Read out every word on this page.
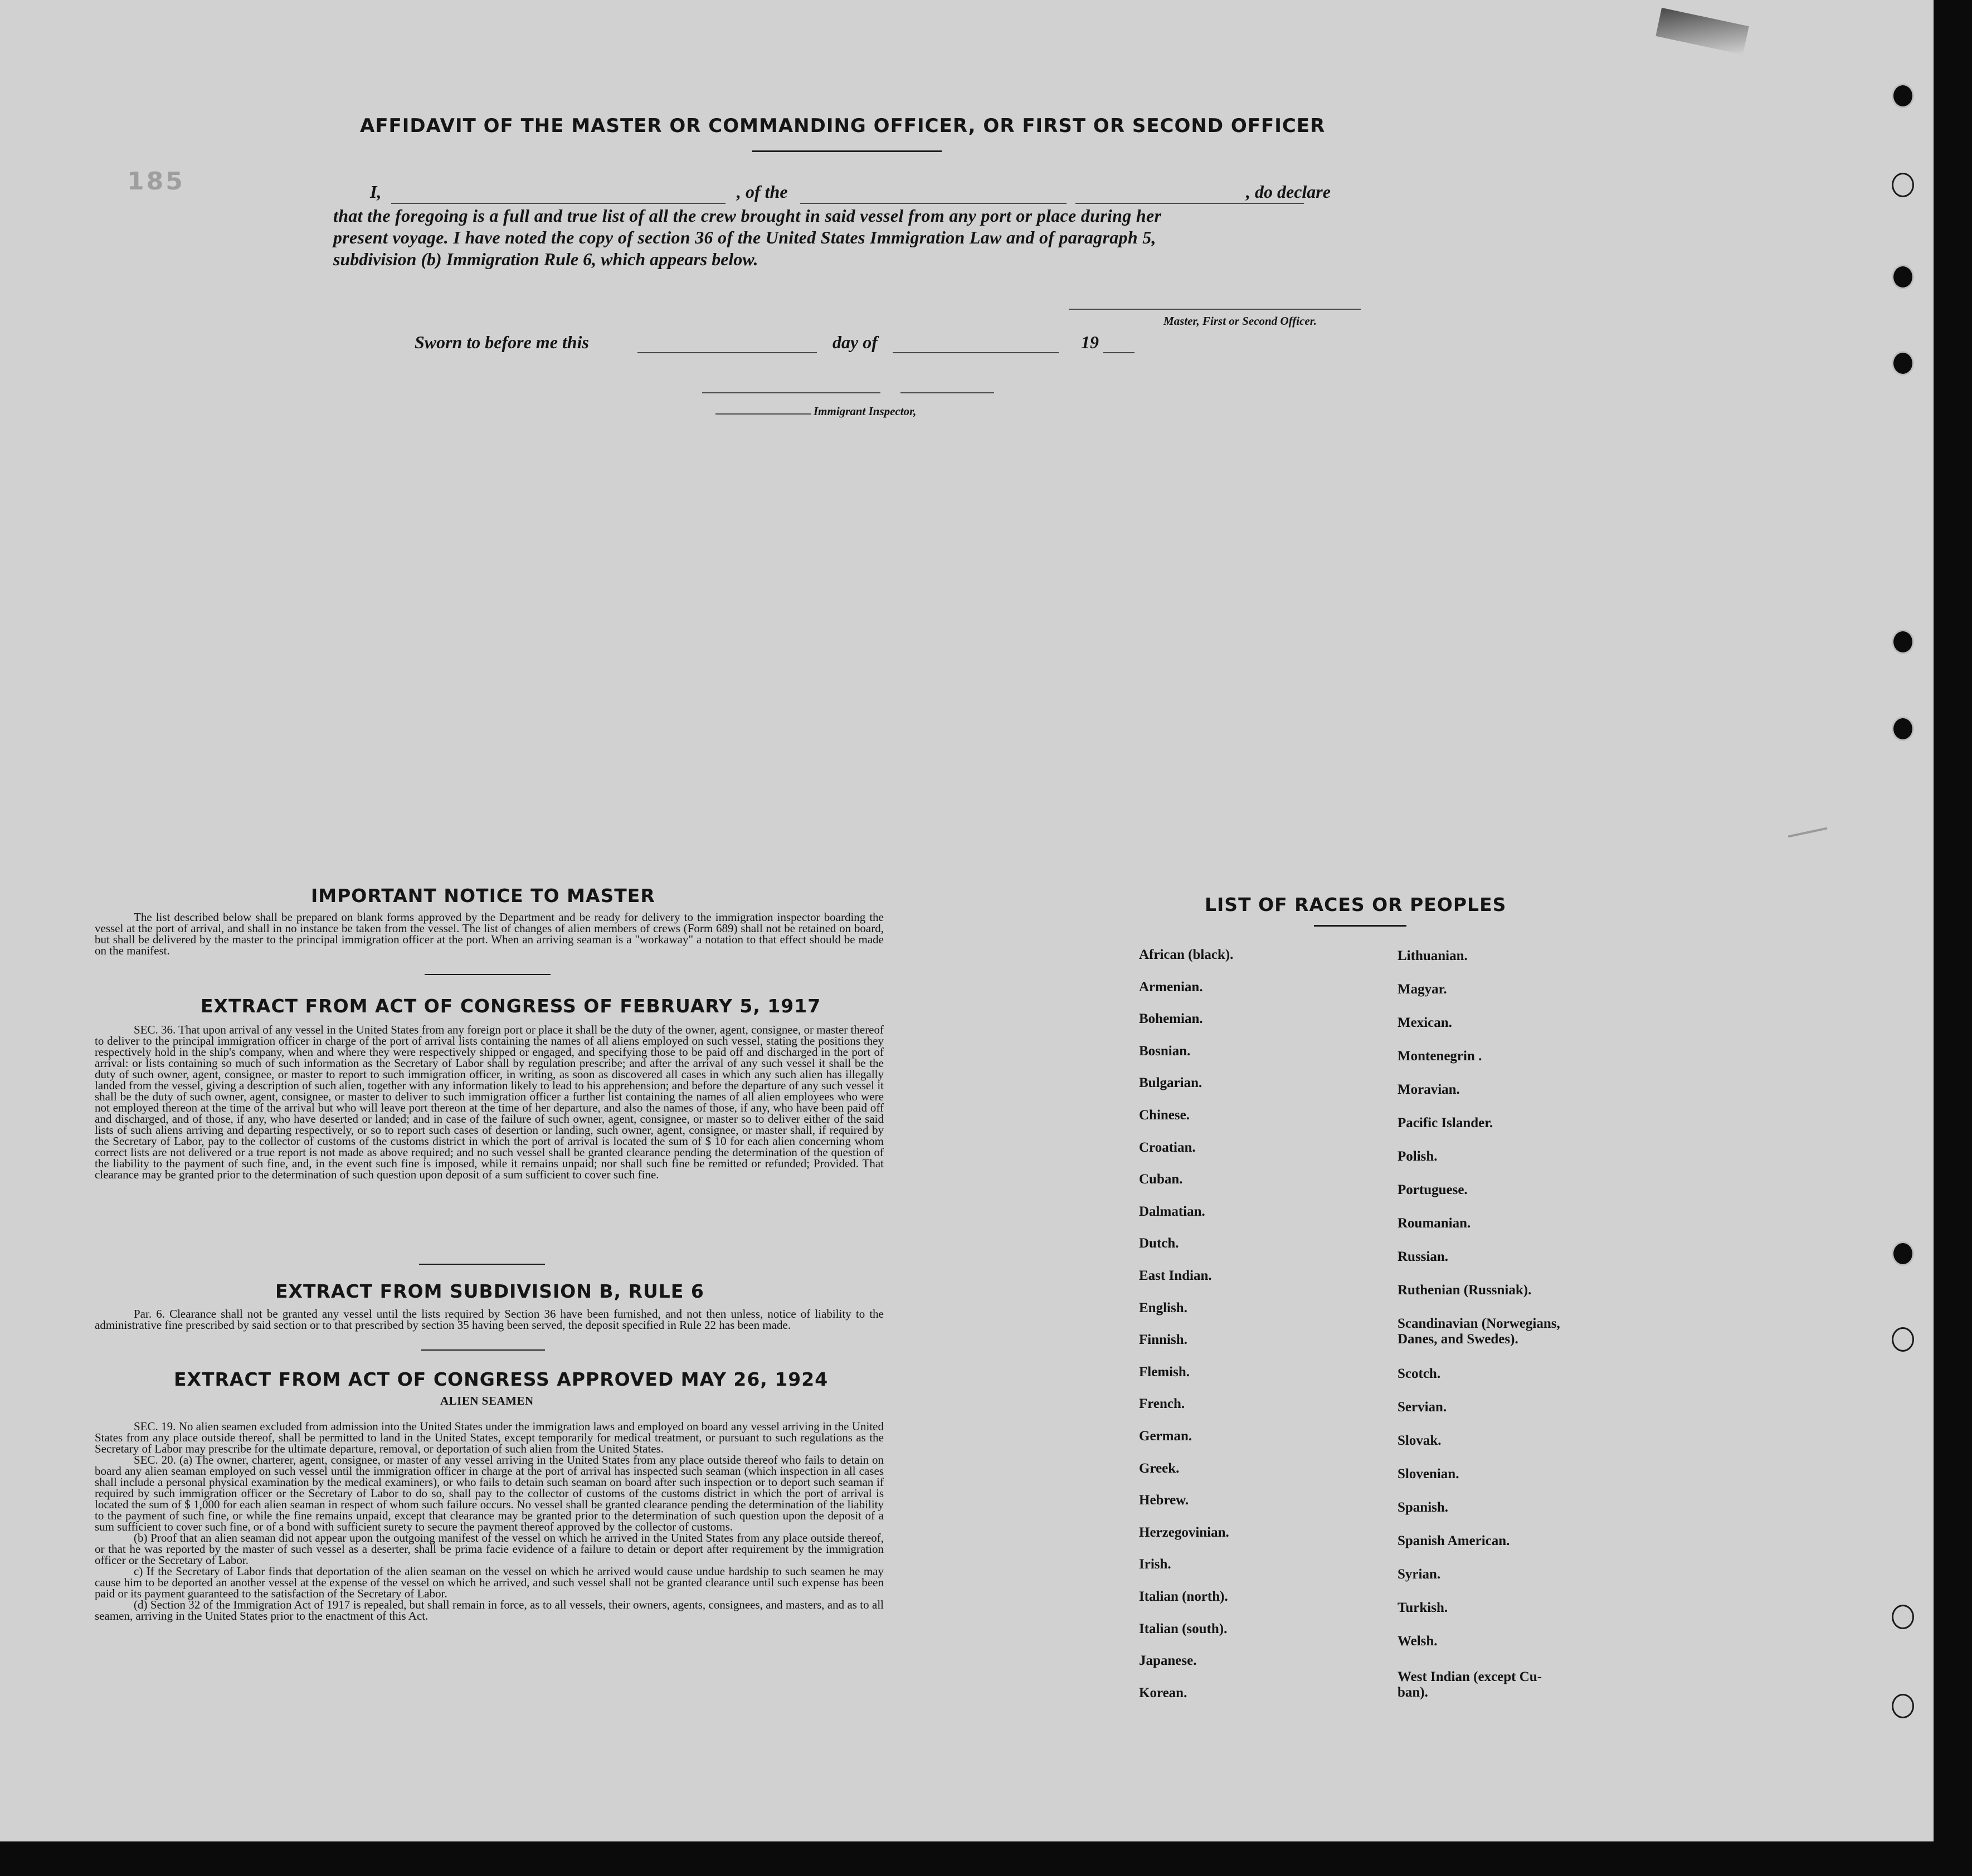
185
AFFIDAVIT OF THE MASTER OR COMMANDING OFFICER, OR FIRST OR SECOND OFFICER
I,	, of the	, do declare

that the foregoing is a full and true list of all the crew brought in said vessel from any port or place during her

present voyage. I have noted the copy of section 36 of the United States Immigration Law and of paragraph 5,

subdivision (b) Immigration Rule 6, which appears below.

Master, First or Second Officer.
Sworn to before me this	day of	19
Immigrant Inspector,
IMPORTANT NOTICE TO MASTER

The list described below shall be prepared on blank forms approved by the Department and be ready for delivery to the immigration inspector boarding the vessel at the port of arrival, and shall in no instance be taken from the vessel. The list of changes of alien members of crews (Form 689) shall not be retained on board, but shall be delivered by the master to the principal immigration officer at the port. When an arriving seaman is a "workaway" a notation to that effect should be made on the manifest.

EXTRACT FROM ACT OF CONGRESS OF FEBRUARY 5, 1917

SEC. 36. That upon arrival of any vessel in the United States from any foreign port or place it shall be the duty of the owner, agent, consignee, or master thereof to deliver to the principal immigration officer in charge of the port of arrival lists containing the names of all aliens employed on such vessel, stating the positions they respectively hold in the ship's company, when and where they were respectively shipped or engaged, and specifying those to be paid off and discharged in the port of arrival: or lists containing so much of such information as the Secretary of Labor shall by regulation prescribe; and after the arrival of any such vessel it shall be the duty of such owner, agent, consignee, or master to report to such immigration officer, in writing, as soon as discovered all cases in which any such alien has illegally landed from the vessel, giving a description of such alien, together with any information likely to lead to his apprehension; and before the departure of any such vessel it shall be the duty of such owner, agent, consignee, or master to deliver to such immigration officer a further list containing the names of all alien employees who were not employed thereon at the time of the arrival but who will leave port thereon at the time of her departure, and also the names of those, if any, who have been paid off and discharged, and of those, if any, who have deserted or landed; and in case of the failure of such owner, agent, consignee, or master so to deliver either of the said lists of such aliens arriving and departing respectively, or so to report such cases of desertion or landing, such owner, agent, consignee, or master shall, if required by the Secretary of Labor, pay to the collector of customs of the customs district in which the port of arrival is located the sum of $ 10 for each alien concerning whom correct lists are not delivered or a true report is not made as above required; and no such vessel shall be granted clearance pending the determination of the question of the liability to the payment of such fine, and, in the event such fine is imposed, while it remains unpaid; nor shall such fine be remitted or refunded; Provided. That clearance may be granted prior to the determination of such question upon deposit of a sum sufficient to cover such fine.

EXTRACT FROM SUBDIVISION B, RULE 6

Par. 6. Clearance shall not be granted any vessel until the lists required by Section 36 have been furnished, and not then unless, notice of liability to the administrative fine prescribed by said section or to that prescribed by section 35 having been served, the deposit specified in Rule 22 has been made.

EXTRACT FROM ACT OF CONGRESS APPROVED MAY 26, 1924
ALIEN SEAMEN

SEC. 19. No alien seamen excluded from admission into the United States under the immigration laws and employed on board any vessel arriving in the United States from any place outside thereof, shall be permitted to land in the United States, except temporarily for medical treatment, or pursuant to such regulations as the Secretary of Labor may prescribe for the ultimate departure, removal, or deportation of such alien from the United States.

SEC. 20. (a) The owner, charterer, agent, consignee, or master of any vessel arriving in the United States from any place outside thereof who fails to detain on board any alien seaman employed on such vessel until the immigration officer in charge at the port of arrival has inspected such seaman (which inspection in all cases shall include a personal physical examination by the medical examiners), or who fails to detain such seaman on board after such inspection or to deport such seaman if required by such immigration officer or the Secretary of Labor to do so, shall pay to the collector of customs of the customs district in which the port of arrival is located the sum of $ 1,000 for each alien seaman in respect of whom such failure occurs. No vessel shall be granted clearance pending the determination of the liability to the payment of such fine, or while the fine remains unpaid, except that clearance may be granted prior to the determination of such question upon the deposit of a sum sufficient to cover such fine, or of a bond with sufficient surety to secure the payment thereof approved by the collector of customs.

(b) Proof that an alien seaman did not appear upon the outgoing manifest of the vessel on which he arrived in the United States from any place outside thereof, or that he was reported by the master of such vessel as a deserter, shall be prima facie evidence of a failure to detain or deport after requirement by the immigration officer or the Secretary of Labor.

c) If the Secretary of Labor finds that deportation of the alien seaman on the vessel on which he arrived would cause undue hardship to such seamen he may cause him to be deported an another vessel at the expense of the vessel on which he arrived, and such vessel shall not be granted clearance until such expense has been paid or its payment guaranteed to the satisfaction of the Secretary of Labor.

(d) Section 32 of the Immigration Act of 1917 is repealed, but shall remain in force, as to all vessels, their owners, agents, consignees, and masters, and as to all seamen, arriving in the United States prior to the enactment of this Act.

LIST OF RACES OR PEOPLES
African (black).
Armenian.
Bohemian.
Bosnian.
Bulgarian.
Chinese.
Croatian.
Cuban.
Dalmatian.
Dutch.
East Indian.
English.
Finnish.
Flemish.
French.
German.
Greek.
Hebrew.
Herzegovinian.
Irish.
Italian (north).
Italian (south).
Japanese.
Korean.
Lithuanian.
Magyar.
Mexican.
Montenegrin .
Moravian.
Pacific Islander.
Polish.
Portuguese.
Roumanian.
Russian.
Ruthenian (Russniak).
Scandinavian (Norwegians,
Danes, and Swedes).
Scotch.
Servian.
Slovak.
Slovenian.
Spanish.
Spanish American.
Syrian.
Turkish.
Welsh.
West Indian (except Cu-
ban).
